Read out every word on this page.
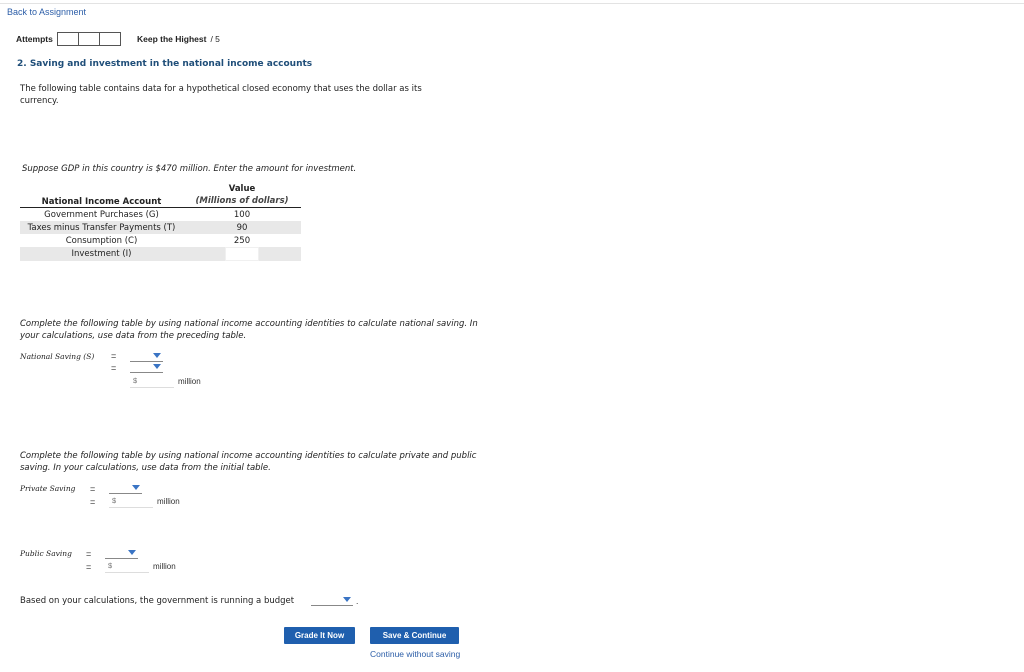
Back to Assignment
Attempts	Keep the Highest / 5
2. Saving and investment in the national income accounts
The following table contains data for a hypothetical closed economy that uses the dollar as its currency.
Suppose GDP in this country is $470 million. Enter the amount for investment.
National Income Account	Value
	(Millions of dollars)
Government Purchases (G)	100
Taxes minus Transfer Payments (T)	90
Consumption (C)	250
Investment (I)	
Complete the following table by using national income accounting identities to calculate national saving. In your calculations, use data from the preceding table.
National Saving (S) =
=
$	million
Complete the following table by using national income accounting identities to calculate private and public saving. In your calculations, use data from the initial table.
Private Saving =
= $	million
Public Saving =
= $	million
Based on your calculations, the government is running a budget	.
Grade It Now	Save & Continue
Continue without saving
